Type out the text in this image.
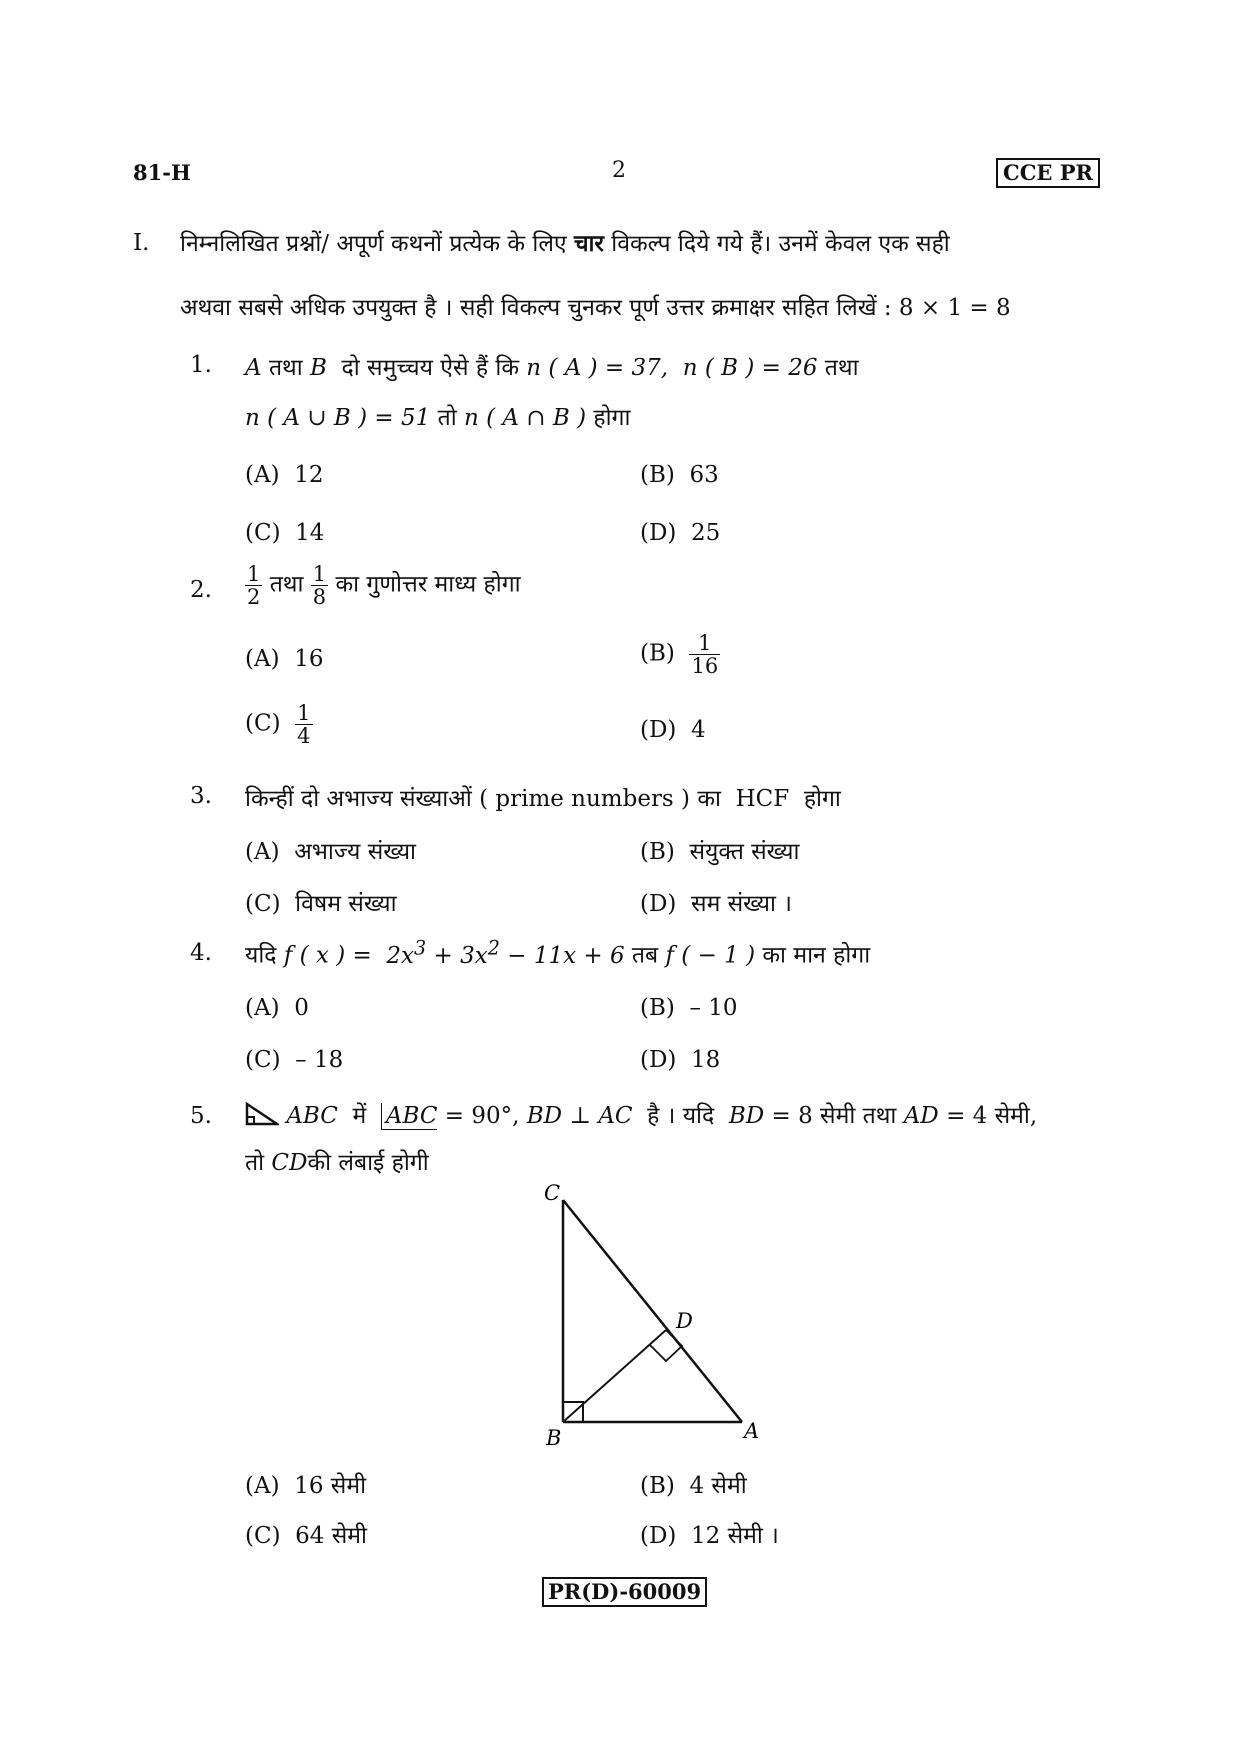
81-H	2	CCE PR
I. निम्नलिखित प्रश्नों/ अपूर्ण कथनों प्रत्येक के लिए चार विकल्प दिये गये हैं। उनमें केवल एक सही
अथवा सबसे अधिक उपयुक्त है । सही विकल्प चुनकर पूर्ण उत्तर क्रमाक्षर सहित लिखें : 8 × 1 = 8
1. A तथा B दो समुच्चय ऐसे हैं कि n ( A ) = 37, n ( B ) = 26 तथा
n ( A ∪ B ) = 51 तो n ( A ∩ B ) होगा
(A) 12	(B) 63
(C) 14	(D) 25
2. $\frac{1}{2}$ तथा $\frac{1}{8}$ का गुणोत्तर माध्य होगा
(A) 16	$(B) \frac{1}{16}$
$(C) \frac{1}{4}$	(D) 4
3. किन्हीं दो अभाज्य संख्याओं ( prime numbers ) का  HCF  होगा
(A) अभाज्य संख्या	(B) संयुक्त संख्या
(C) विषम संख्या	(D) सम संख्या ।
4. यदि f ( x ) = $2x^3 + 3x^2 - 11x + 6$ तब f ( − 1 ) का मान होगा
(A) 0	(B) – 10
(C) – 18	(D) 18
5.	ABC में ABC = 90°, BD ⊥ AC है । यदि BD = 8 सेमी तथा AD = 4 सेमी,
तो CDकी लंबाई होगी
C
D
B	A
(A) 16 सेमी	(B) 4 सेमी
(C) 64 सेमी	(D) 12 सेमी ।
PR(D)-60009
